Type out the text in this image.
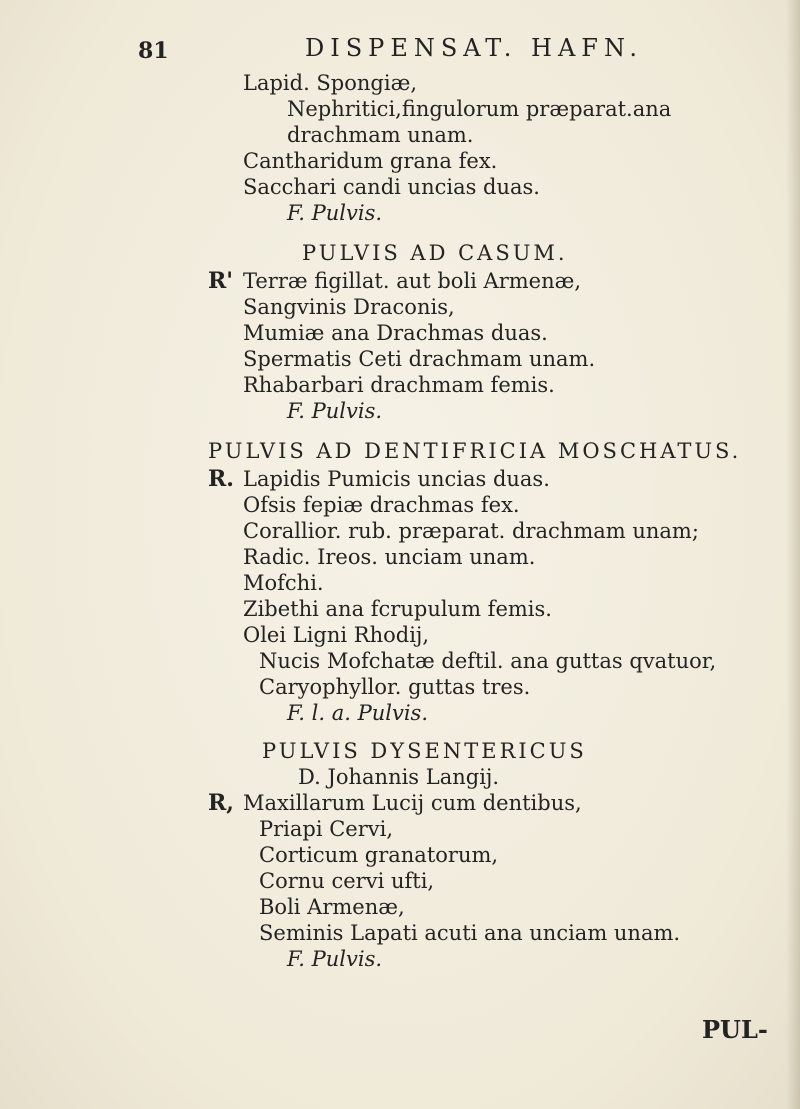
81	DISPENSAT. HAFN.
Lapid. Spongiæ,
Nephritici,fingulorum præparat.ana
drachmam unam.
Cantharidum grana fex.
Sacchari candi uncias duas.
F. Pulvis.
PULVIS AD CASUM.
R' Terræ figillat. aut boli Armenæ,
Sangvinis Draconis,
Mumiæ ana Drachmas duas.
Spermatis Ceti drachmam unam.
Rhabarbari drachmam femis.
F. Pulvis.
PULVIS AD DENTIFRICIA MOSCHATUS.
R. Lapidis Pumicis uncias duas.
Ofsis fepiæ drachmas fex.
Corallior. rub. præparat. drachmam unam;
Radic. Ireos. unciam unam.
Mofchi.
Zibethi ana fcrupulum femis.
Olei Ligni Rhodij,
Nucis Mofchatæ deftil. ana guttas qvatuor,
Caryophyllor. guttas tres.
F. l. a. Pulvis.
PULVIS DYSENTERICUS
D. Johannis Langij.
R, Maxillarum Lucij cum dentibus,
Priapi Cervi,
Corticum granatorum,
Cornu cervi ufti,
Boli Armenæ,
Seminis Lapati acuti ana unciam unam.
F. Pulvis.
PUL-
